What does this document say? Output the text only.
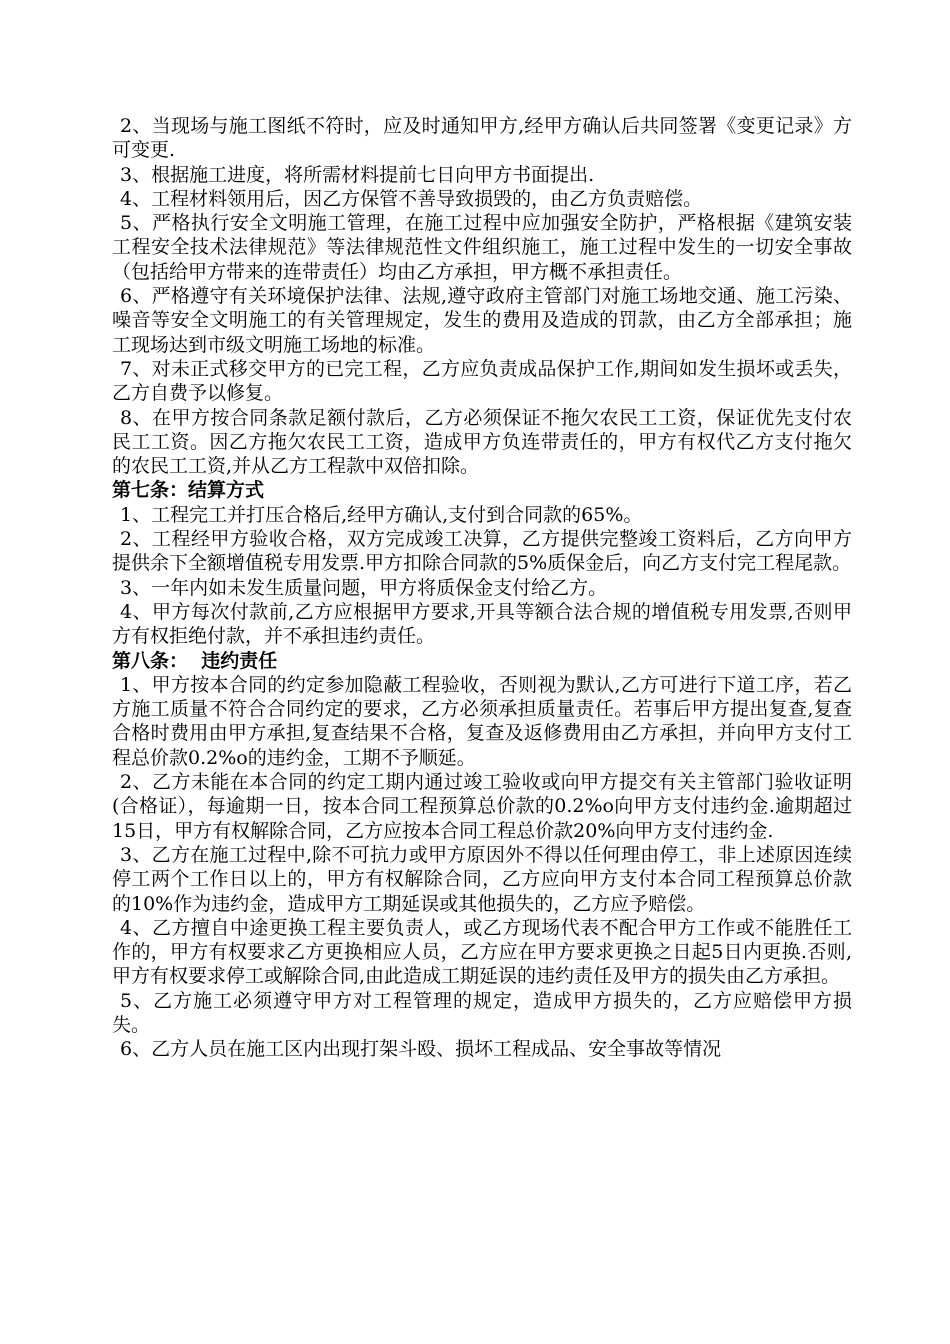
2、当现场与施工图纸不符时，应及时通知甲方,经甲方确认后共同签署《变更记录》方可变更.

3、根据施工进度，将所需材料提前七日向甲方书面提出.

4、工程材料领用后，因乙方保管不善导致损毁的，由乙方负责赔偿。

5、严格执行安全文明施工管理，在施工过程中应加强安全防护，严格根据《建筑安装工程安全技术法律规范》等法律规范性文件组织施工，施工过程中发生的一切安全事故（包括给甲方带来的连带责任）均由乙方承担，甲方概不承担责任。

6、严格遵守有关环境保护法律、法规,遵守政府主管部门对施工场地交通、施工污染、噪音等安全文明施工的有关管理规定，发生的费用及造成的罚款，由乙方全部承担；施工现场达到市级文明施工场地的标准。

7、对未正式移交甲方的已完工程，乙方应负责成品保护工作,期间如发生损坏或丢失，乙方自费予以修复。

8、在甲方按合同条款足额付款后，乙方必须保证不拖欠农民工工资，保证优先支付农民工工资。因乙方拖欠农民工工资，造成甲方负连带责任的，甲方有权代乙方支付拖欠的农民工工资,并从乙方工程款中双倍扣除。

第七条：结算方式

1、工程完工并打压合格后,经甲方确认,支付到合同款的65%。

2、工程经甲方验收合格，双方完成竣工决算，乙方提供完整竣工资料后，乙方向甲方提供余下全额增值税专用发票.甲方扣除合同款的5%质保金后，向乙方支付完工程尾款。

3、一年内如未发生质量问题，甲方将质保金支付给乙方。

4、甲方每次付款前,乙方应根据甲方要求,开具等额合法合规的增值税专用发票,否则甲方有权拒绝付款，并不承担违约责任。

第八条：  违约责任

1、甲方按本合同的约定参加隐蔽工程验收，否则视为默认,乙方可进行下道工序，若乙方施工质量不符合合同约定的要求，乙方必须承担质量责任。若事后甲方提出复查,复查合格时费用由甲方承担,复查结果不合格，复查及返修费用由乙方承担，并向甲方支付工程总价款0.2%o的违约金，工期不予顺延。

2、乙方未能在本合同的约定工期内通过竣工验收或向甲方提交有关主管部门验收证明(合格证），每逾期一日，按本合同工程预算总价款的0.2%o向甲方支付违约金.逾期超过15日，甲方有权解除合同，乙方应按本合同工程总价款20%向甲方支付违约金.

3、乙方在施工过程中,除不可抗力或甲方原因外不得以任何理由停工，非上述原因连续停工两个工作日以上的，甲方有权解除合同，乙方应向甲方支付本合同工程预算总价款的10%作为违约金，造成甲方工期延误或其他损失的，乙方应予赔偿。

4、乙方擅自中途更换工程主要负责人，或乙方现场代表不配合甲方工作或不能胜任工作的，甲方有权要求乙方更换相应人员，乙方应在甲方要求更换之日起5日内更换.否则,甲方有权要求停工或解除合同,由此造成工期延误的违约责任及甲方的损失由乙方承担。

5、乙方施工必须遵守甲方对工程管理的规定，造成甲方损失的，乙方应赔偿甲方损失。

6、乙方人员在施工区内出现打架斗殴、损坏工程成品、安全事故等情况
